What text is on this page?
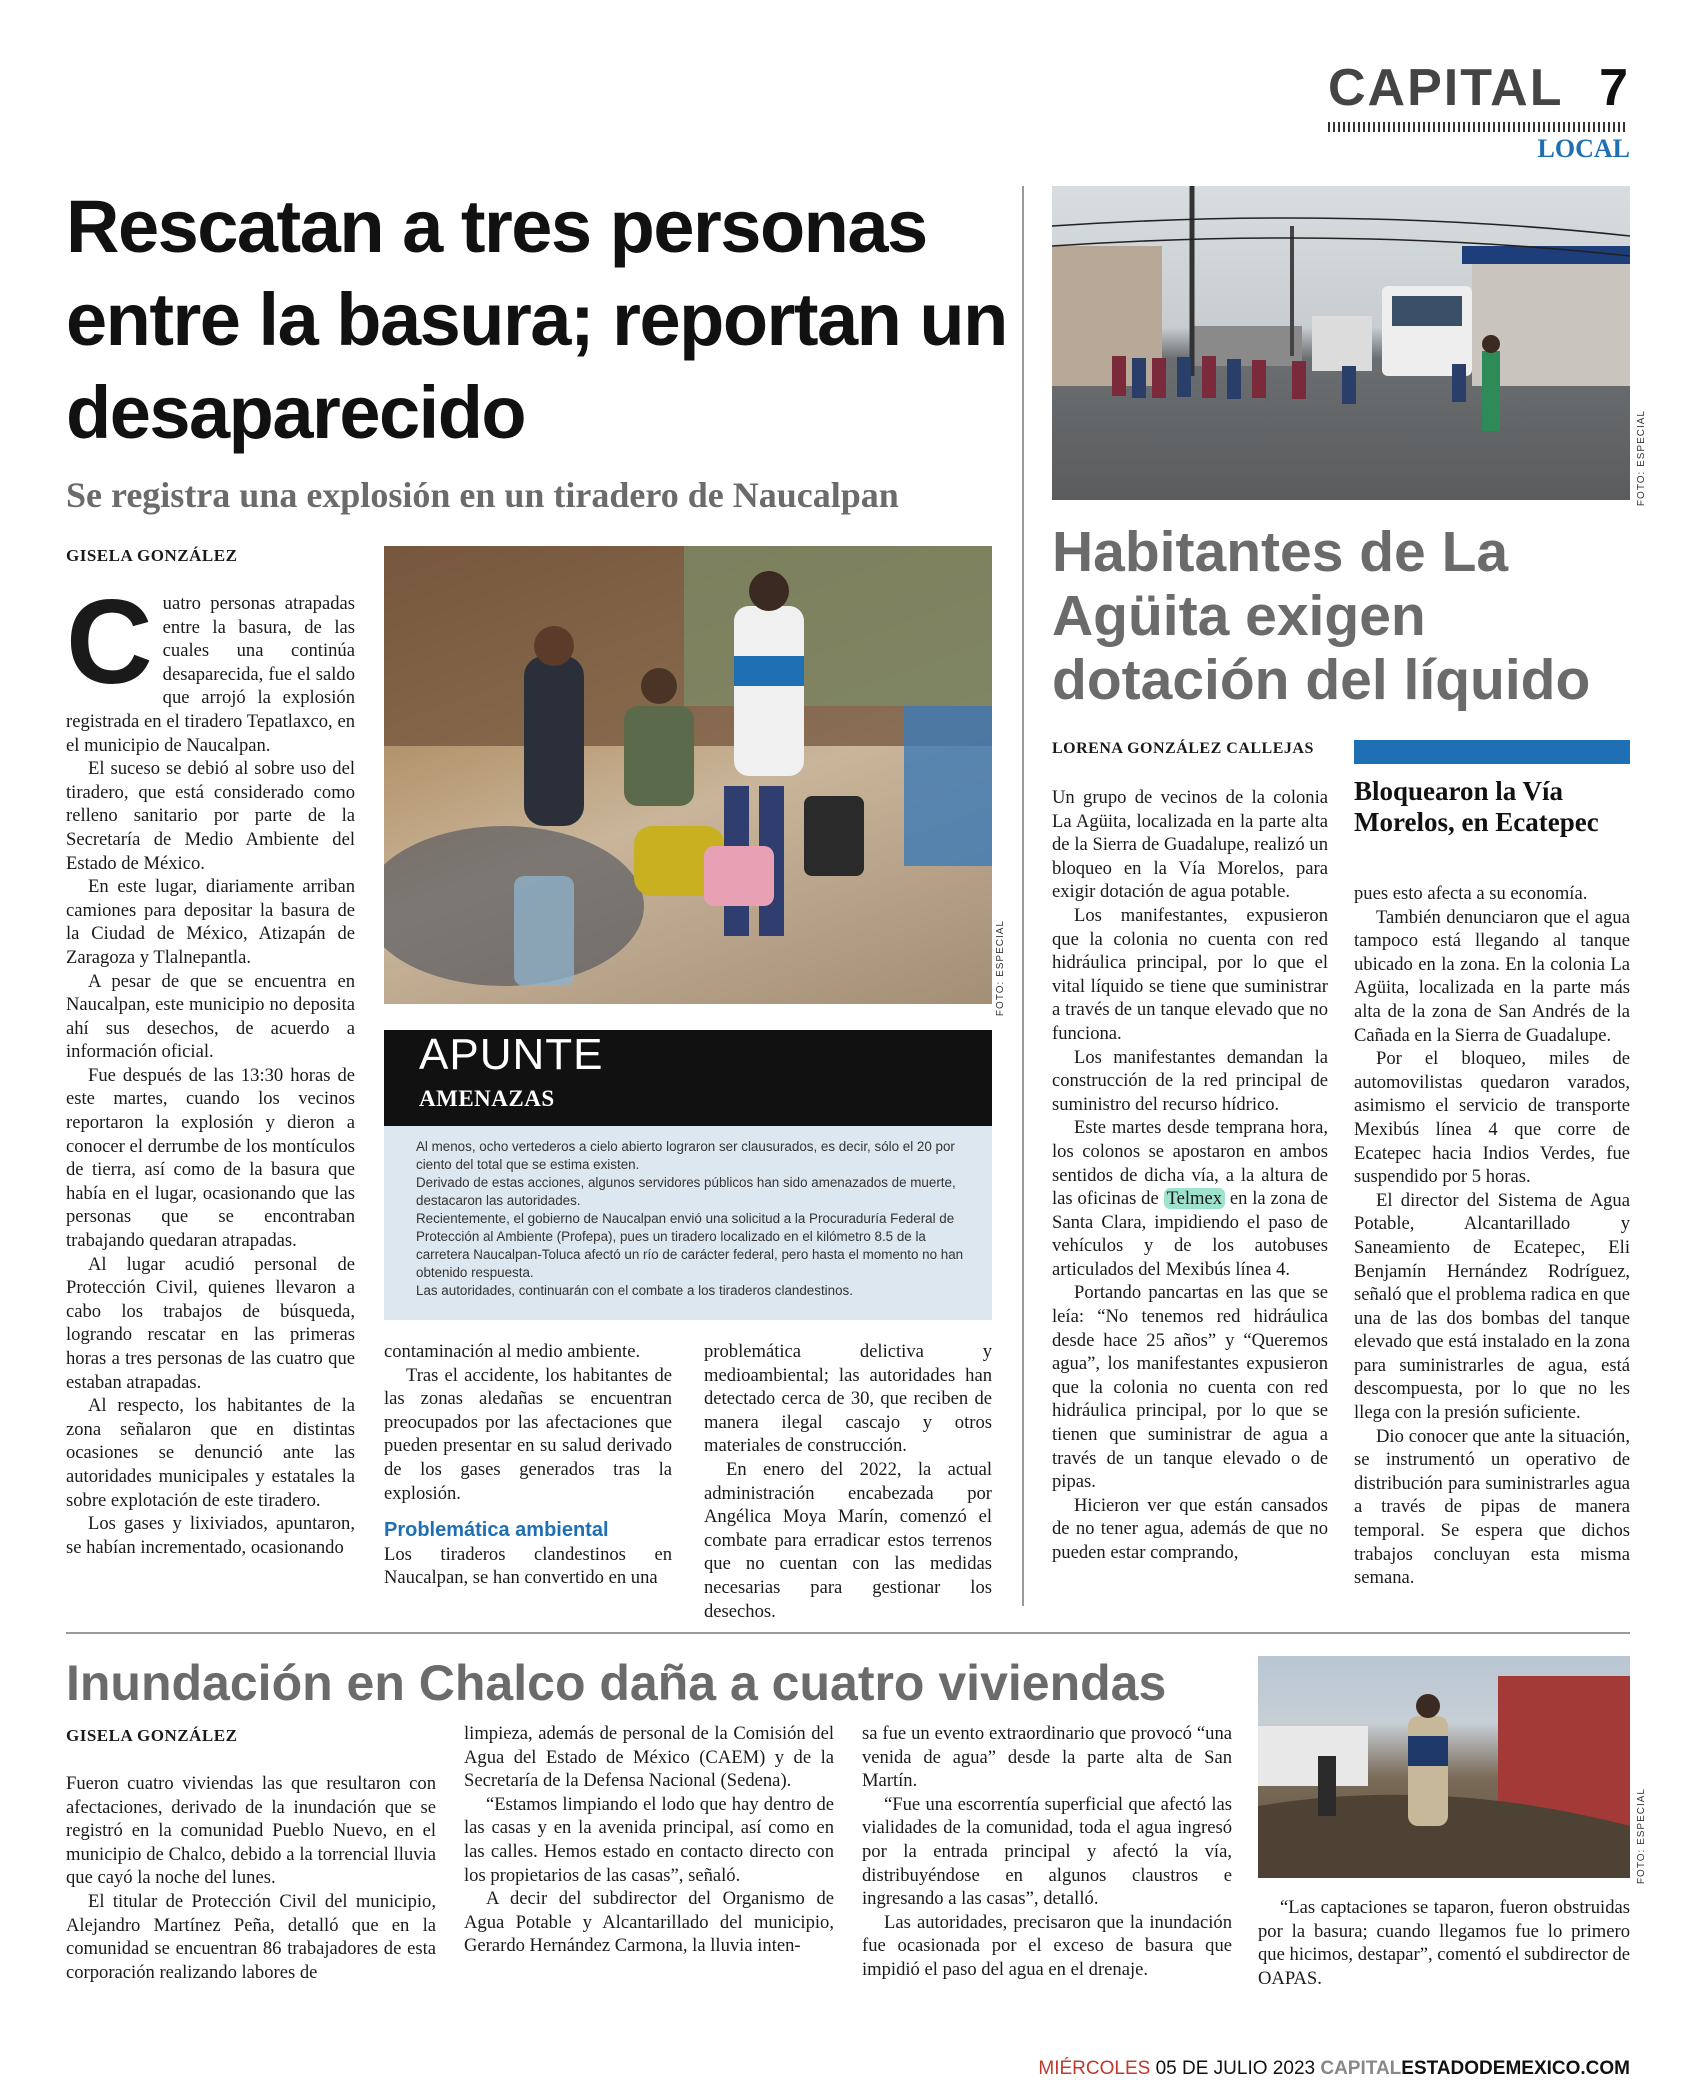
CAPITAL 7
LOCAL
Rescatan a tres personas entre la basura; reportan un desaparecido
Se registra una explosión en un tiradero de Naucalpan
GISELA GONZÁLEZ
C uatro personas atrapadas entre la basura, de las cuales una continúa desaparecida, fue el saldo que arrojó la explosión registrada en el tiradero Tepatlaxco, en el municipio de Naucalpan.

El suceso se debió al sobre uso del tiradero, que está considerado como relleno sanitario por parte de la Secretaría de Medio Ambiente del Estado de México.

En este lugar, diariamente arriban camiones para depositar la basura de la Ciudad de México, Atizapán de Zaragoza y Tlalnepantla.

A pesar de que se encuentra en Naucalpan, este municipio no deposita ahí sus desechos, de acuerdo a información oficial.

Fue después de las 13:30 horas de este martes, cuando los vecinos reportaron la explosión y dieron a conocer el derrumbe de los montículos de tierra, así como de la basura que había en el lugar, ocasionando que las personas que se encontraban trabajando quedaran atrapadas.

Al lugar acudió personal de Protección Civil, quienes llevaron a cabo los trabajos de búsqueda, logrando rescatar en las primeras horas a tres personas de las cuatro que estaban atrapadas.

Al respecto, los habitantes de la zona señalaron que en distintas ocasiones se denunció ante las autoridades municipales y estatales la sobre explotación de este tiradero.

Los gases y lixiviados, apuntaron, se habían incrementado, ocasionando

FOTO: ESPECIAL
APUNTE
AMENAZAS
Al menos, ocho vertederos a cielo abierto lograron ser clausurados, es decir, sólo el 20 por ciento del total que se estima existen.
Derivado de estas acciones, algunos servidores públicos han sido amenazados de muerte, destacaron las autoridades.
Recientemente, el gobierno de Naucalpan envió una solicitud a la Procuraduría Federal de Protección al Ambiente (Profepa), pues un tiradero localizado en el kilómetro 8.5 de la carretera Naucalpan-Toluca afectó un río de carácter federal, pero hasta el momento no han obtenido respuesta.
Las autoridades, continuarán con el combate a los tiraderos clandestinos.

contaminación al medio ambiente.

Tras el accidente, los habitantes de las zonas aledañas se encuentran preocupados por las afectaciones que pueden presentar en su salud derivado de los gases generados tras la explosión.

Problemática ambiental

Los tiraderos clandestinos en Naucalpan, se han convertido en una

problemática delictiva y medioambiental; las autoridades han detectado cerca de 30, que reciben de manera ilegal cascajo y otros materiales de construcción.

En enero del 2022, la actual administración encabezada por Angélica Moya Marín, comenzó el combate para erradicar estos terrenos que no cuentan con las medidas necesarias para gestionar los desechos.

FOTO: ESPECIAL
Habitantes de La Agüita exigen dotación del líquido
LORENA GONZÁLEZ CALLEJAS

Un grupo de vecinos de la colonia La Agüita, localizada en la parte alta de la Sierra de Guadalupe, realizó un bloqueo en la Vía Morelos, para exigir dotación de agua potable.

Los manifestantes, expusieron que la colonia no cuenta con red hidráulica principal, por lo que el vital líquido se tiene que suministrar a través de un tanque elevado que no funciona.

Los manifestantes demandan la construcción de la red principal de suministro del recurso hídrico.

Este martes desde temprana hora, los colonos se apostaron en ambos sentidos de dicha vía, a la altura de las oficinas de Telmex en la zona de Santa Clara, impidiendo el paso de vehículos y de los autobuses articulados del Mexibús línea 4.

Portando pancartas en las que se leía: “No tenemos red hidráulica desde hace 25 años” y “Queremos agua”, los manifestantes expusieron que la colonia no cuenta con red hidráulica principal, por lo que se tienen que suministrar de agua a través de un tanque elevado o de pipas.

Hicieron ver que están cansados de no tener agua, además de que no pueden estar comprando,

Bloquearon la Vía Morelos, en Ecatepec

pues esto afecta a su economía.

También denunciaron que el agua tampoco está llegando al tanque ubicado en la zona. En la colonia La Agüita, localizada en la parte más alta de la zona de San Andrés de la Cañada en la Sierra de Guadalupe.

Por el bloqueo, miles de automovilistas quedaron varados, asimismo el servicio de transporte Mexibús línea 4 que corre de Ecatepec hacia Indios Verdes, fue suspendido por 5 horas.

El director del Sistema de Agua Potable, Alcantarillado y Saneamiento de Ecatepec, Eli Benjamín Hernández Rodríguez, señaló que el problema radica en que una de las dos bombas del tanque elevado que está instalado en la zona para suministrarles de agua, está descompuesta, por lo que no les llega con la presión suficiente.

Dio conocer que ante la situación, se instrumentó un operativo de distribución para suministrarles agua a través de pipas de manera temporal. Se espera que dichos trabajos concluyan esta misma semana.

Inundación en Chalco daña a cuatro viviendas
GISELA GONZÁLEZ

Fueron cuatro viviendas las que resultaron con afectaciones, derivado de la inundación que se registró en la comunidad Pueblo Nuevo, en el municipio de Chalco, debido a la torrencial lluvia que cayó la noche del lunes.

El titular de Protección Civil del municipio, Alejandro Martínez Peña, detalló que en la comunidad se encuentran 86 trabajadores de esta corporación realizando labores de

limpieza, además de personal de la Comisión del Agua del Estado de México (CAEM) y de la Secretaría de la Defensa Nacional (Sedena).

“Estamos limpiando el lodo que hay dentro de las casas y en la avenida principal, así como en las calles. Hemos estado en contacto directo con los propietarios de las casas”, señaló.

A decir del subdirector del Organismo de Agua Potable y Alcantarillado del municipio, Gerardo Hernández Carmona, la lluvia inten-

sa fue un evento extraordinario que provocó “una venida de agua” desde la parte alta de San Martín.

“Fue una escorrentía superficial que afectó las vialidades de la comunidad, toda el agua ingresó por la entrada principal y afectó la vía, distribuyéndose en algunos claustros e ingresando a las casas”, detalló.

Las autoridades, precisaron que la inundación fue ocasionada por el exceso de basura que impidió el paso del agua en el drenaje.

FOTO: ESPECIAL

“Las captaciones se taparon, fueron obstruidas por la basura; cuando llegamos fue lo primero que hicimos, destapar”, comentó el subdirector de OAPAS.

MIÉRCOLES 05 DE JULIO 2023 CAPITALESTADODEMEXICO.COM
